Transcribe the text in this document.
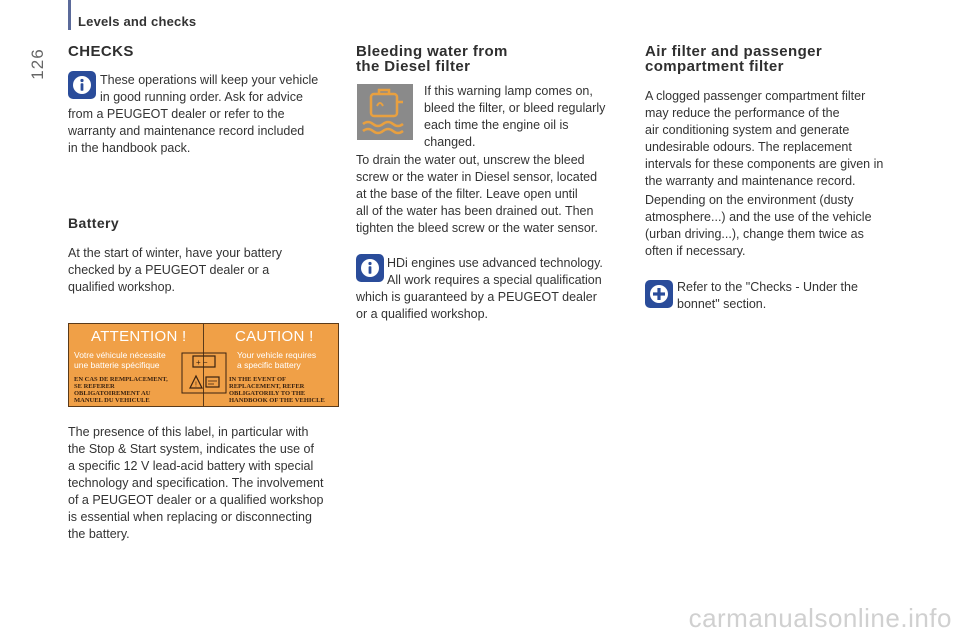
Levels and checks
126 CHECKS

These operations will keep your vehicle

in good running order. Ask for advice

from a PEUGEOT dealer or refer to the

warranty and maintenance record included

in the handbook pack.

Battery

At the start of winter, have your battery

checked by a PEUGEOT dealer or a

qualified workshop.

ATTENTION !	CAUTION !
Votre véhicule nécessite
une batterie spécifique
Your vehicle requires
a specific battery
+ −
!
EN CAS DE REMPLACEMENT,
SE REFERER
OBLIGATOIREMENT AU
MANUEL DU VEHICULE
IN THE EVENT OF
REPLACEMENT, REFER
OBLIGATORILY TO THE
HANDBOOK OF THE VEHICLE

The presence of this label, in particular with

the Stop & Start system, indicates the use of

a specific 12 V lead-acid battery with special

technology and specification. The involvement

of a PEUGEOT dealer or a qualified workshop

is essential when replacing or disconnecting

the battery.

Bleeding water from
the Diesel filter

If this warning lamp comes on,

bleed the filter, or bleed regularly

each time the engine oil is

changed.

To drain the water out, unscrew the bleed

screw or the water in Diesel sensor, located

at the base of the filter. Leave open until

all of the water has been drained out. Then

tighten the bleed screw or the water sensor.

HDi engines use advanced technology.

All work requires a special qualification

which is guaranteed by a PEUGEOT dealer

or a qualified workshop.

Air filter and passenger
compartment filter

A clogged passenger compartment filter

may reduce the performance of the

air conditioning system and generate

undesirable odours. The replacement

intervals for these components are given in

the warranty and maintenance record.

Depending on the environment (dusty

atmosphere...) and the use of the vehicle

(urban driving...), change them twice as

often if necessary.

Refer to the "Checks - Under the

bonnet" section.

carmanualsonline.info
